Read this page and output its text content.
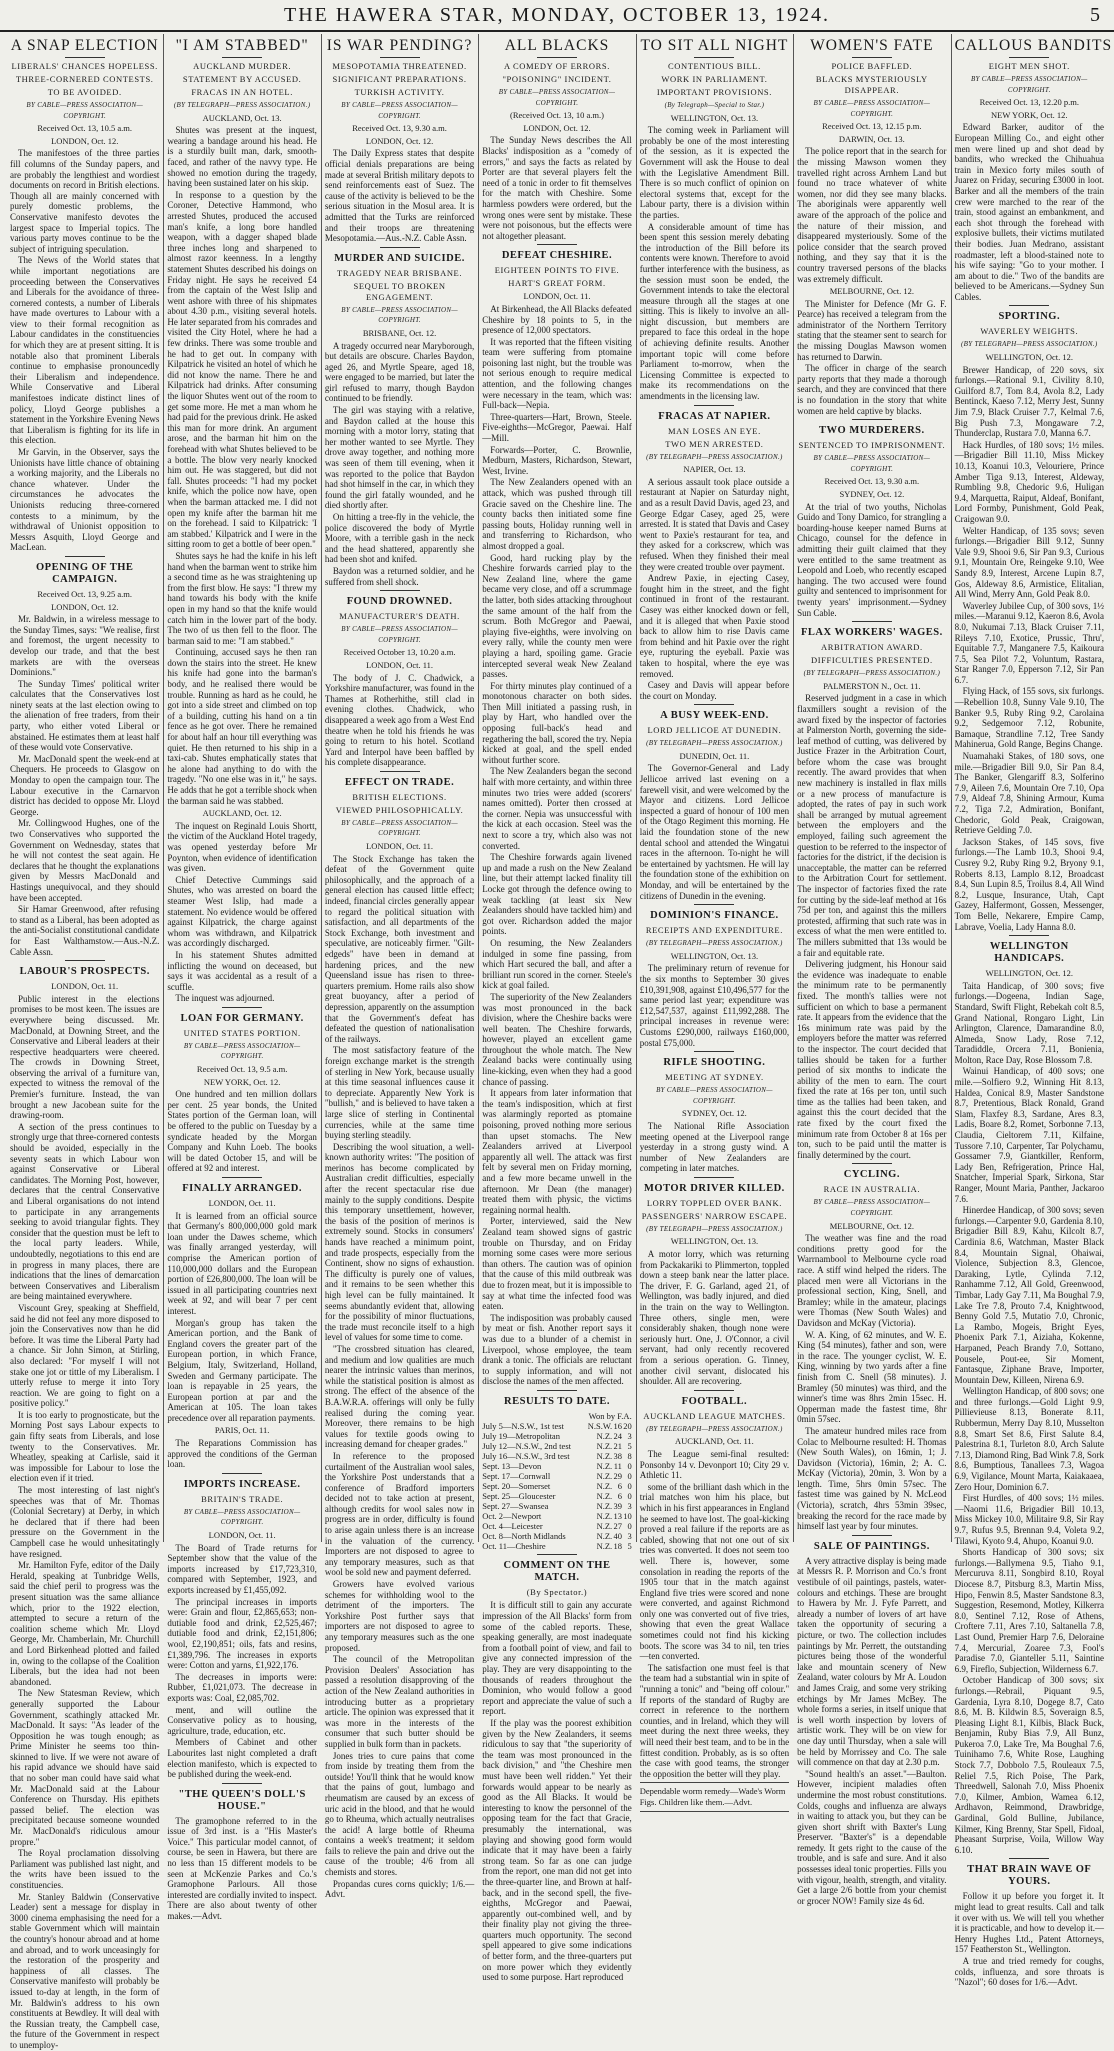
THE HAWERA STAR, MONDAY, OCTOBER 13, 1924.	5
A SNAP ELECTION
LIBERALS' CHANCES HOPELESS.
THREE-CORNERED CONTESTS.
TO BE AVOIDED.
BY CABLE—PRESS ASSOCIATION—COPYRIGHT.
Received Oct. 13, 10.5 a.m.
LONDON, Oct. 12.

The manifestoes of the three parties fill columns of the Sunday papers, and are probably the lengthiest and wordiest documents on record in British elections. Though all are mainly concerned with purely domestic problems, the Conservative manifesto devotes the largest space to Imperial topics. The various party moves continue to be the subject of intriguing speculation.

The News of the World states that while important negotiations are proceeding between the Conservatives and Liberals for the avoidance of three-cornered contests, a number of Liberals have made overtures to Labour with a view to their formal recognition as Labour candidates in the constituencies for which they are at present sitting. It is notable also that prominent Liberals continue to emphasise pronouncedly their Liberalism and independence. While Conservative and Liberal manifestoes indicate distinct lines of policy, Lloyd George publishes a statement in the Yorkshire Evening News that Liberalism is fighting for its life in this election.

Mr Garvin, in the Observer, says the Unionists have little chance of obtaining a working majority, and the Liberals no chance whatever. Under the circumstances he advocates the Unionists reducing three-cornered contests to a minimum, by the withdrawal of Unionist opposition to Messrs Asquith, Lloyd George and MacLean.

OPENING OF THE CAMPAIGN.
Received Oct. 13, 9.25 a.m.
LONDON, Oct. 12.

Mr. Baldwin, in a wireless message to the Sunday Times, says: "We realise, first and foremost, the urgent necessity to develop our trade, and that the best markets are with the overseas Dominions."

The Sunday Times' political writer calculates that the Conservatives lost ninety seats at the last election owing to the alienation of free traders, from their party, who either voted Liberal or abstained. He estimates them at least half of these would vote Conservative.

Mr. MacDonald spent the week-end at Chequers. He proceeds to Glasgow on Monday to open the campaign tour. The Labour executive in the Carnarvon district has decided to oppose Mr. Lloyd George.

Mr. Collingwood Hughes, one of the two Conservatives who supported the Government on Wednesday, states that he will not contest the seat again. He declares that he thought the explanations given by Messrs MacDonald and Hastings unequivocal, and they should have been accepted.

Sir Hamar Greenwood, after refusing to stand as a Liberal, has been adopted as the anti-Socialist constitutional candidate for East Walthamstow.—Aus.-N.Z. Cable Assn.

LABOUR'S PROSPECTS.
LONDON, Oct. 11.

Public interest in the elections promises to be most keen. The issues are everywhere being discussed. Mr. MacDonald, at Downing Street, and the Conservative and Liberal leaders at their respective headquarters were cheered. The crowds in Downing Street, observing the arrival of a furniture van, expected to witness the removal of the Premier's furniture. Instead, the van brought a new Jacobean suite for the drawing-room.

A section of the press continues to strongly urge that three-cornered contests should be avoided, especially in the seventy seats in which Labour won against Conservative or Liberal candidates. The Morning Post, however, declares that the central Conservative and Liberal organisations do not intend to participate in any arrangements seeking to avoid triangular fights. They consider that the question must be left to the local party leaders. While, undoubtedly, negotiations to this end are in progress in many places, there are indications that the lines of demarcation between Conservatives and Liberalism are being maintained everywhere.

Viscount Grey, speaking at Sheffield, said he did not feel any more disposed to join the Conservatives now than he did before. It was time the Liberal Party had a chance. Sir John Simon, at Stirling, also declared: "For myself I will not stake one jot or tittle of my Liberalism. I utterly refuse to merge it into Tory reaction. We are going to fight on a positive policy."

It is too early to prognosticate, but the Morning Post says Labour expects to gain fifty seats from Liberals, and lose twenty to the Conservatives. Mr. Wheatley, speaking at Carlisle, said it was impossible for Labour to lose the election even if it tried.

The most interesting of last night's speeches was that of Mr. Thomas (Colonial Secretary) at Derby, in which he declared that if there had been pressure on the Government in the Campbell case he would unhesitatingly have resigned.

Mr. Hamilton Fyfe, editor of the Daily Herald, speaking at Tunbridge Wells, said the chief peril to progress was the present situation was the same alliance which, prior to the 1922 election, attempted to secure a return of the coalition scheme which Mr. Lloyd George, Mr. Chamberlain, Mr. Churchill and Lord Birkenhead plotted and failed in, owing to the collapse of the Coalition Liberals, but the idea had not been abandoned.

The New Statesman Review, which generally supported the Labour Government, scathingly attacked Mr. MacDonald. It says: "As leader of the Opposition he was tough enough; as Prime Minister he seems too thin-skinned to live. If we were not aware of his rapid advance we should have said that no sober man could have said what Mr. MacDonald said at the Labour Conference on Thursday. His epithets passed belief. The election was precipitated because someone wounded Mr. MacDonald's ridiculous amour propre."

The Royal proclamation dissolving Parliament was published last night, and the writs have been issued to the constituencies.

Mr. Stanley Baldwin (Conservative Leader) sent a message for display in 3000 cinema emphasising the need for a stable Government which will maintain the country's honour abroad and at home and abroad, and to work unceasingly for the restoration of the prosperity and happiness of all classes. The Conservative manifesto will probably be issued to-day at length, in the form of Mr. Baldwin's address to his own constituents at Bewdley. It will deal with the Russian treaty, the Campbell case, the future of the Government in respect to unemploy-

"I AM STABBED"
AUCKLAND MURDER.
STATEMENT BY ACCUSED.
FRACAS IN AN HOTEL.
(BY TELEGRAPH—PRESS ASSOCIATION.)
AUCKLAND, Oct. 13.

Shutes was present at the inquest, wearing a bandage around his head. He is a sturdily built man, dark, smooth-faced, and rather of the navvy type. He showed no emotion during the tragedy, having been sustained later on his skip.

In response to a question by the Coroner, Detective Hammond, who arrested Shutes, produced the accused man's knife, a long bore handled weapon, with a dagger shaped blade three inches long and sharpened to almost razor keenness. In a lengthy statement Shutes described his doings on Friday night. He says he received £4 from the captain of the West Islip and went ashore with three of his shipmates about 4.30 p.m., visiting several hotels. He later separated from his comrades and visited the City Hotel, where he had a few drinks. There was some trouble and he had to get out. In company with Kilpatrick he visited an hotel of which he did not know the name. There he and Kilpatrick had drinks. After consuming the liquor Shutes went out of the room to get some more. He met a man whom he had paid for the previous drink. He asked this man for more drink. An argument arose, and the barman hit him on the forehead with what Shutes believed to be a bottle. The blow very nearly knocked him out. He was staggered, but did not fall. Shutes proceeds: "I had my pocket knife, which the police now have, open when the barman attacked me. I did not open my knife after the barman hit me on the forehead. I said to Kilpatrick: 'I am stabbed.' Kilpatrick and I were in the sitting room to get a bottle of beer open."

Shutes says he had the knife in his left hand when the barman went to strike him a second time as he was straightening up from the first blow. He says: "I threw my hand towards his body with the knife open in my hand so that the knife would catch him in the lower part of the body. The two of us then fell to the floor. The barman said to me: "I am stabbed."

Continuing, accused says he then ran down the stairs into the street. He knew his knife had gone into the barman's body, and he realised there would be trouble. Running as hard as he could, he got into a side street and climbed on top of a building, cutting his hand on a tin fence as he got over. There he remained for about half an hour till everything was quiet. He then returned to his ship in a taxi-cab. Shutes emphatically states that he alone had anything to do with the tragedy. "No one else was in it," he says. He adds that he got a terrible shock when the barman said he was stabbed.

AUCKLAND, Oct. 12.

The inquest on Reginald Louis Shortt, the victim of the Auckland Hotel tragedy, was opened yesterday before Mr Poynton, when evidence of identification was given.

Chief Detective Cummings said Shutes, who was arrested on board the steamer West Islip, had made a statement. No evidence would be offered against Kilpatrick, the charge against whom was withdrawn, and Kilpatrick was accordingly discharged.

In his statement Shutes admitted inflicting the wound on deceased, but says it was accidental as a result of a scuffle.

The inquest was adjourned.

LOAN FOR GERMANY.
UNITED STATES PORTION.
BY CABLE—PRESS ASSOCIATION—COPYRIGHT.
Received Oct. 13, 9.5 a.m.
NEW YORK, Oct. 12.

One hundred and ten million dollars per cent. 25 year bonds, the United States portion of the German loan, will be offered to the public on Tuesday by a syndicate headed by the Morgan Company and Kuhn Loeb. The books will be dated October 15, and will be offered at 92 and interest.

FINALLY ARRANGED.
LONDON, Oct. 11.

It is learned from an official source that Germany's 800,000,000 gold mark loan under the Dawes scheme, which was finally arranged yesterday, will comprise the American portion of 110,000,000 dollars and the European portion of £26,800,000. The loan will be issued in all participating countries next week at 92, and will bear 7 per cent interest.

Morgan's group has taken the American portion, and the Bank of England covers the greater part of the European portion, in which France, Belgium, Italy, Switzerland, Holland, Sweden and Germany participate. The loan is repayable in 25 years, the European portion at par and the American at 105. The loan takes precedence over all reparation payments.

PARIS, Oct. 11.

The Reparations Commission has approved the conditions of the German loan.

IMPORTS INCREASE.
BRITAIN'S TRADE.
BY CABLE—PRESS ASSOCIATION—COPYRIGHT.
LONDON, Oct. 11.

The Board of Trade returns for September show that the value of the imports increased by £17,723,310, compared with September, 1923, and exports increased by £1,455,092.

The principal increases in imports were: Grain and flour, £2,865,653; non-dutiable food and drink, £2,525,467; dutiable food and drink, £2,151,806; wool, £2,190,851; oils, fats and resins, £1,389,796. The increases in exports were: Cotton and yarns, £1,922,176.

The decreases in imports were: Rubber, £1,021,073. The decrease in exports was: Coal, £2,085,702.

ment, and will outline the Conservative policy as to housing, agriculture, trade, education, etc.

Members of Cabinet and other Labourites last night completed a draft election manifesto, which is expected to be published during the week-end.

"THE QUEEN'S DOLL'S HOUSE."

The gramophone referred to in the issue of 3rd inst. is a "His Master's Voice." This particular model cannot, of course, be seen in Hawera, but there are no less than 15 different models to be seen at McKenzie Parkes and Co.'s Gramophone Parlours. All those interested are cordially invited to inspect. There are also about twenty of other makes.—Advt.

IS WAR PENDING?
MESOPOTAMIA THREATENED.
SIGNIFICANT PREPARATIONS.
TURKISH ACTIVITY.
BY CABLE—PRESS ASSOCIATION—COPYRIGHT.
Received Oct. 13, 9.30 a.m.
LONDON, Oct. 12.

The Daily Express states that despite official denials preparations are being made at several British military depots to send reinforcements east of Suez. The cause of the activity is believed to be the serious situation in the Mosul area. It is admitted that the Turks are reinforced and their troops are threatening Mesopotamia.—Aus.-N.Z. Cable Assn.

MURDER AND SUICIDE.
TRAGEDY NEAR BRISBANE.
SEQUEL TO BROKEN ENGAGEMENT.
BY CABLE—PRESS ASSOCIATION—COPYRIGHT.
BRISBANE, Oct. 12.

A tragedy occurred near Maryborough, but details are obscure. Charles Baydon, aged 26, and Myrtle Speare, aged 18, were engaged to be married, but later the girl refused to marry, though Baydon continued to be friendly.

The girl was staying with a relative, and Baydon called at the house this morning with a motor lorry, stating that her mother wanted to see Myrtle. They drove away together, and nothing more was seen of them till evening, when it was reported to the police that Baydon had shot himself in the car, in which they found the girl fatally wounded, and he died shortly after.

On hitting a tree-fly in the vehicle, the police discovered the body of Myrtle Moore, with a terrible gash in the neck and the head shattered, apparently she had been shot and knifed.

Baydon was a returned soldier, and he suffered from shell shock.

FOUND DROWNED.
MANUFACTURER'S DEATH.
BY CABLE—PRESS ASSOCIATION—COPYRIGHT.
Received October 13, 10.20 a.m.
LONDON, Oct. 11.

The body of J. C. Chadwick, a Yorkshire manufacturer, was found in the Thames at Rotherhithe, still clad in evening clothes. Chadwick, who disappeared a week ago from a West End theatre when he told his friends he was going to return to his hotel. Scotland Yard and Interpol have been baffled by his complete disappearance.

EFFECT ON TRADE.
BRITISH ELECTIONS.
VIEWED PHILOSOPHICALLY.
BY CABLE—PRESS ASSOCIATION—COPYRIGHT.
LONDON, Oct. 11.

The Stock Exchange has taken the defeat of the Government quite philosophically, and the approach of a general election has caused little effect; indeed, financial circles generally appear to regard the political situation with satisfaction, and all departments of the Stock Exchange, both investment and speculative, are noticeably firmer. "Gilt-edgeds" have been in demand at hardening prices, and the new Queensland issue has risen to three-quarters premium. Home rails also show great buoyancy, after a period of depression, apparently on the assumption that the Government's defeat has defeated the question of nationalisation of the railways.

The most satisfactory feature of the foreign exchange market is the strength of sterling in New York, because usually at this time seasonal influences cause it to depreciate. Apparently New York is "bullish," and is believed to have taken a large slice of sterling in Continental currencies, while at the same time buying sterling steadily.

Describing the wool situation, a well-known authority writes: "The position of merinos has become complicated by Australian credit difficulties, especially after the recent spectacular rise due mainly to the supply conditions. Despite this temporary unsettlement, however, the basis of the position of merinos is extremely sound. Stocks in consumers' hands have reached a minimum point, and trade prospects, especially from the Continent, show no signs of exhaustion. The difficulty is purely one of values, and it remains to be seen whether this high level can be fully maintained. It seems abundantly evident that, allowing for the possibility of minor fluctuations, the trade must reconcile itself to a high level of values for some time to come.

"The crossbred situation has cleared, and medium and low qualities are much nearer the intrinsic values than merinos, while the statistical position is almost as strong. The effect of the absence of the B.A.W.R.A. offerings will only be fully realised during the coming year. Moreover, there remains to be high values for textile goods owing to increasing demand for cheaper grades."

In reference to the proposed curtailment of the Australian wool sales, the Yorkshire Post understands that a conference of Bradford importers decided not to take action at present, although credits for wool sales now in progress are in order, difficulty is found to arise again unless there is an increase in the valuation of the currency. Importers are not disposed to agree to any temporary measures, such as that wool be sold new and payment deferred.

Growers have evolved various schemes for withholding wool to the detriment of the importers. The Yorkshire Post further says that importers are not disposed to agree to any temporary measures such as the one proposed.

The council of the Metropolitan Provision Dealers' Association has passed a resolution disapproving of the action of the New Zealand authorities in introducing butter as a proprietary article. The opinion was expressed that it was more in the interests of the consumer that such butter should be supplied in bulk form than in packets.

Jones tries to cure pains that come from inside by treating them from the outside! You'll think that he would know that the pains of gout, lumbago and rheumatism are caused by an excess of uric acid in the blood, and that he would go to Rheuma, which actually neutralises the acid! A large bottle of Rheuma contains a week's treatment; it seldom fails to relieve the pain and drive out the cause of the trouble; 4/6 from all chemists and stores.

Propandas cures corns quickly; 1/6.—Advt.

ALL BLACKS
A COMEDY OF ERRORS.
"POISONING" INCIDENT.
BY CABLE—PRESS ASSOCIATION—COPYRIGHT.
(Received Oct. 13, 10 a.m.)
LONDON, Oct. 12.

The Sunday News describes the All Blacks' indisposition as a "comedy of errors," and says the facts as related by Porter are that several players felt the need of a tonic in order to fit themselves for the match with Cheshire. Some harmless powders were ordered, but the wrong ones were sent by mistake. These were not poisonous, but the effects were not altogether pleasant.

DEFEAT CHESHIRE.
EIGHTEEN POINTS TO FIVE.
HART'S GREAT FORM.
LONDON, Oct. 11.

At Birkenhead, the All Blacks defeated Cheshire by 18 points to 5, in the presence of 12,000 spectators.

It was reported that the fifteen visiting team were suffering from ptomaine poisoning last night, but the trouble was not serious enough to require medical attention, and the following changes were necessary in the team, which was: Full-back—Nepia.

Three-quarters—Hart, Brown, Steele. Five-eighths—McGregor, Paewai. Half—Mill.

Forwards—Porter, C. Brownlie, Medburn, Masters, Richardson, Stewart, West, Irvine.

The New Zealanders opened with an attack, which was pushed through till Gracie saved on the Cheshire line. The county backs then initiated some fine passing bouts, Holiday running well in and transferring to Richardson, who almost dropped a goal.

Good, hard rucking play by the Cheshire forwards carried play to the New Zealand line, where the game became very close, and off a scrummage the latter, both sides attacking throughout the same amount of the half from the scrum. Both McGregor and Paewai, playing five-eighths, were involving on every rally, while the county men were playing a hard, spoiling game. Gracie intercepted several weak New Zealand passes.

For thirty minutes play continued of a monotonous character on both sides. Then Mill initiated a passing rush, in play by Hart, who handled over the opposing full-back's head and regathering the ball, scored the try. Nepia kicked at goal, and the spell ended without further score.

The New Zealanders began the second half with more certainty, and within three minutes two tries were added (scorers' names omitted). Porter then crossed at the corner. Nepia was unsuccessful with the kick at each occasion. Steel was the next to score a try, which also was not converted.

The Cheshire forwards again livened up and made a rush on the New Zealand line, but their attempt lacked finality till Locke got through the defence owing to weak tackling (at least six New Zealanders should have tackled him) and got over. Richardson added the major points.

On resuming, the New Zealanders indulged in some fine passing, from which Hart secured the ball, and after a brilliant run scored in the corner. Steele's kick at goal failed.

The superiority of the New Zealanders was most pronounced in the back division, where the Cheshire backs were well beaten. The Cheshire forwards, however, played an excellent game throughout the whole match. The New Zealand backs were continually using line-kicking, even when they had a good chance of passing.

It appears from later information that the team's indisposition, which at first was alarmingly reported as ptomaine poisoning, proved nothing more serious than upset stomachs. The New Zealanders arrived at Liverpool apparently all well. The attack was first felt by several men on Friday morning, and a few more became unwell in the afternoon. Mr Dean (the manager) treated them with physic, the victims regaining normal health.

Porter, interviewed, said the New Zealand team showed signs of gastric trouble on Thursday, and on Friday morning some cases were more serious than others. The caution was of opinion that the cause of this mild outbreak was due to frozen meat, but it is impossible to say at what time the infected food was eaten.

The indisposition was probably caused by meat or fish. Another report says it was due to a blunder of a chemist in Liverpool, whose employee, the team drank a tonic. The officials are reluctant to supply information, and will not disclose the names of the men affected.

RESULTS TO DATE.
Won by F.A.
July 5—N.S.W., 1st test	N.S.W.	16	20
July 19—Metropolitan	N.Z.	24	3
July 12—N.S.W., 2nd test	N.Z.	21	5
July 16—N.S.W., 3rd test	N.Z.	38	8
Sept. 13—Devon	N.Z.	11	0
Sept. 17—Cornwall	N.Z.	29	0
Sept. 20—Somerset	N.Z.	6	0
Sept. 25—Gloucester	N.Z.	6	0
Sept. 27—Swansea	N.Z.	39	3
Oct. 2—Newport	N.Z.	13	10
Oct. 4—Leicester	N.Z.	27	0
Oct. 8—North Midlands	N.Z.	40	3
Oct. 11—Cheshire	N.Z.	18	5
COMMENT ON THE MATCH.
(By Spectator.)

It is difficult still to gain any accurate impression of the All Blacks' form from some of the cabled reports. These, speaking generally, are most inadequate from a football point of view, and fail to give any connected impression of the play. They are very disappointing to the thousands of readers throughout the Dominion, who would follow a good report and appreciate the value of such a report.

If the play was the poorest exhibition given by the New Zealanders, it seems ridiculous to say that "the superiority of the team was most pronounced in the back division," and "the Cheshire men must have been well ridden." Yet their forwards would appear to be nearly as good as the All Blacks. It would be interesting to know the personnel of the opposing team for the fact that Gracie, presumably the international, was playing and showing good form would indicate that it may have been a fairly strong team. So far as one can judge from the report, one man did not get into the three-quarter line, and Brown at half-back, and in the second spell, the five-eighths, McGregor and Paewai, apparently out-combined well, and by their finality play not giving the three-quarters much opportunity. The second spell appeared to give some indications of better form, and the three-quarters put on more power which they evidently used to some purpose. Hart reproduced

TO SIT ALL NIGHT
CONTENTIOUS BILL.
WORK IN PARLIAMENT.
IMPORTANT PROVISIONS.
(By Telegraph—Special to Star.)
WELLINGTON, Oct. 13.

The coming week in Parliament will probably be one of the most interesting of the session, as it is expected the Government will ask the House to deal with the Legislative Amendment Bill. There is so much conflict of opinion on electoral systems that, except for the Labour party, there is a division within the parties.

A considerable amount of time has been spent this session merely debating the introduction of the Bill before its contents were known. Therefore to avoid further interference with the business, as the session must soon be ended, the Government intends to take the electoral measure through all the stages at one sitting. This is likely to involve an all-night discussion, but members are prepared to face this ordeal in the hope of achieving definite results. Another important topic will come before Parliament to-morrow, when the Licensing Committee is expected to make its recommendations on the amendments in the licensing law.

FRACAS AT NAPIER.
MAN LOSES AN EYE.
TWO MEN ARRESTED.
(BY TELEGRAPH—PRESS ASSOCIATION.)
NAPIER, Oct. 13.

A serious assault took place outside a restaurant at Napier on Saturday night, and as a result David Davis, aged 23, and George Edgar Casey, aged 25, were arrested. It is stated that Davis and Casey went to Paxie's restaurant for tea, and they asked for a corkscrew, which was refused. When they finished their meal they were created trouble over payment.

Andrew Paxie, in ejecting Casey, fought him in the street, and the fight continued in front of the restaurant. Casey was either knocked down or fell, and it is alleged that when Paxie stood back to allow him to rise Davis came from behind and hit Paxie over the right eye, rupturing the eyeball. Paxie was taken to hospital, where the eye was removed.

Casey and Davis will appear before the court on Monday.

A BUSY WEEK-END.
LORD JELLICOE AT DUNEDIN.
(BY TELEGRAPH—PRESS ASSOCIATION.)
DUNEDIN, Oct. 11.

The Governor-General and Lady Jellicoe arrived last evening on a farewell visit, and were welcomed by the Mayor and citizens. Lord Jellicoe inspected a guard of honour of 100 men of the Otago Regiment this morning. He laid the foundation stone of the new dental school and attended the Wingatui races in the afternoon. To-night he will be entertained by yachtsmen. He will lay the foundation stone of the exhibition on Monday, and will be entertained by the citizens of Dunedin in the evening.

DOMINION'S FINANCE.
RECEIPTS AND EXPENDITURE.
(BY TELEGRAPH—PRESS ASSOCIATION.)
WELLINGTON, Oct. 13.

The preliminary return of revenue for the six months to September 30 gives £10,391,908, against £10,496,577 for the same period last year; expenditure was £12,547,537, against £11,992,288. The principal increases in revenue were: Customs £290,000, railways £160,000, postal £75,000.

RIFLE SHOOTING.
MEETING AT SYDNEY.
BY CABLE—PRESS ASSOCIATION—COPYRIGHT.
SYDNEY, Oct. 12.

The National Rifle Association meeting opened at the Liverpool range yesterday in a strong gusty wind. A number of New Zealanders are competing in later matches.

MOTOR DRIVER KILLED.
LORRY TOPPLED OVER BANK.
PASSENGERS' NARROW ESCAPE.
(BY TELEGRAPH—PRESS ASSOCIATION.)
WELLINGTON, Oct. 13.

A motor lorry, which was returning from Packakariki to Plimmerton, toppled down a steep bank near the latter place. The driver, F. G. Garland, aged 21, of Wellington, was badly injured, and died in the train on the way to Wellington. Three others, single men, were considerably shaken, though none were seriously hurt. One, J. O'Connor, a civil servant, had only recently recovered from a serious operation. G. Tinney, another civil servant, dislocated his shoulder. All are recovering.

FOOTBALL.
AUCKLAND LEAGUE MATCHES.
(BY TELEGRAPH—PRESS ASSOCIATION.)
AUCKLAND, Oct. 11.

The League semi-final resulted: Ponsonby 14 v. Devonport 10; City 29 v. Athletic 11.

some of the brilliant dash which in the trial matches won him his place, but which in his first appearances in England he seemed to have lost. The goal-kicking proved a real failure if the reports are as cabled, showing that not one out of six tries was converted. It does not seem too well. There is, however, some consolation in reading the reports of the 1905 tour that in the match against England five tries were scored and none were converted, and against Richmond only one was converted out of five tries, showing that even the great Wallace sometimes could not find his kicking boots. The score was 34 to nil, ten tries—ten converted.

The satisfaction one must feel is that the team had a substantial win in spite of "running a tonic" and "being off colour." If reports of the standard of Rugby are correct in reference to the northern counties, and in Ireland, which they will meet during the next three weeks, they will need their best team, and to be in the fittest condition. Probably, as is so often the case with good teams, the stronger the opposition the better will they play.

Dependable worm remedy—Wade's Worm Figs. Children like them.—Advt.
WOMEN'S FATE
POLICE BAFFLED.
BLACKS MYSTERIOUSLY DISAPPEAR.
BY CABLE—PRESS ASSOCIATION—COPYRIGHT.
Received Oct. 13, 12.15 p.m.
DARWIN, Oct. 13.

The police report that in the search for the missing Mawson women they travelled right across Arnhem Land but found no trace whatever of white women, nor did they see many blacks. The aboriginals were apparently well aware of the approach of the police and the nature of their mission, and disappeared mysteriously. Some of the police consider that the search proved nothing, and they say that it is the country traversed persons of the blacks was extremely difficult.

MELBOURNE, Oct. 12.

The Minister for Defence (Mr G. F. Pearce) has received a telegram from the administrator of the Northern Territory stating that the steamer sent to search for the missing Douglas Mawson women has returned to Darwin.

The officer in charge of the search party reports that they made a thorough search, and they are convinced that there is no foundation in the story that white women are held captive by blacks.

TWO MURDERERS.
SENTENCED TO IMPRISONMENT.
BY CABLE—PRESS ASSOCIATION—COPYRIGHT.
Received Oct. 13, 9.30 a.m.
SYDNEY, Oct. 12.

At the trial of two youths, Nicholas Guido and Tony Damico, for strangling a boarding-house keeper named Burns at Chicago, counsel for the defence in admitting their guilt claimed that they were entitled to the same treatment as Leopold and Loeb, who recently escaped hanging. The two accused were found guilty and sentenced to imprisonment for twenty years' imprisonment.—Sydney Sun Cable.

FLAX WORKERS' WAGES.
ARBITRATION AWARD.
DIFFICULTIES PRESENTED.
(BY TELEGRAPH—PRESS ASSOCIATION.)
PALMERSTON N., Oct. 11.

Reserved judgment in a case in which flaxmillers sought a revision of the award fixed by the inspector of factories at Palmerston North, governing the side-leaf method of cutting, was delivered by Justice Frazer in the Arbitration Court, before whom the case was brought recently. The award provides that when new machinery is installed in flax mills or a new process of manufacture is adopted, the rates of pay in such work shall be arranged by mutual agreement between the employers and the employed, failing such agreement the question to be referred to the inspector of factories for the district, if the decision is unacceptable, the matter can be referred to the Arbitration Court for settlement. The inspector of factories fixed the rate for cutting by the side-leaf method at 16s 75d per ton, and against this the millers protested, affirming that such rate was in excess of what the men were entitled to. The millers submitted that 13s would be a fair and equitable rate.

Delivering judgment, his Honour said the evidence was inadequate to enable the minimum rate to be permanently fixed. The month's tallies were not sufficient on which to base a permanent rate. It appears from the evidence that the 16s minimum rate was paid by the employers before the matter was referred to the inspector. The court decided that tallies should be taken for a further period of six months to indicate the ability of the men to earn. The court fixed the rate at 16s per ton, until such time as the tallies had been taken, and against this the court decided that the rate fixed by the court fixed the minimum rate from October 8 at 16s per ton, such to be paid until the matter is finally determined by the court.

CYCLING.
RACE IN AUSTRALIA.
BY CABLE—PRESS ASSOCIATION—COPYRIGHT.
MELBOURNE, Oct. 12.

The weather was fine and the road conditions pretty good for the Warrnambool to Melbourne cycle road race. A stiff wind helped the riders. The placed men were all Victorians in the professional section, King, Snell, and Bramley; while in the amateur, placings were Thomas (New South Wales) and Davidson and McKay (Victoria).

W. A. King, of 62 minutes, and W. E. King (54 minutes), father and son, were in the race. The younger cyclist, W. E. King, winning by two yards after a fine finish from C. Snell (58 minutes). J. Bramley (50 minutes) was third, and the winner's time was 8hrs 2min 15sec. H. Opperman made the fastest time, 8hr 0min 57sec.

The amateur hundred miles race from Colac to Melbourne resulted: H. Thomas (New South Wales), on 16min, 1; J. Davidson (Victoria), 16min, 2; A. C. McKay (Victoria), 20min, 3. Won by a length. Time, 5hrs 0min 57sec. The fastest time was gained by N. McLeod (Victoria), scratch, 4hrs 53min 39sec, breaking the record for the race made by himself last year by four minutes.

SALE OF PAINTINGS.

A very attractive display is being made at Messrs R. P. Morrison and Co.'s front vestibule of oil paintings, pastels, water-colours and etchings. These are brought to Hawera by Mr. J. Fyfe Parrett, and already a number of lovers of art have taken the opportunity of securing a picture, or two. The collection includes paintings by Mr. Perrett, the outstanding pictures being those of the wonderful lake and mountain scenery of New Zealand, water colours by Mr A. Loudon and James Craig, and some very striking etchings by Mr James McBey. The whole forms a series, in itself unique that is well worth inspection by lovers of artistic work. They will be on view for one day until Thursday, when a sale will be held by Morrissey and Co. The sale will commence on that day at 2.30 p.m.

"Sound health's an asset."—Baulton. However, incipient maladies often undermine the most robust constitutions. Colds, coughs and influenza are always in waiting to attack you, but they can be given short shrift with Baxter's Lung Preserver. "Baxter's" is a dependable remedy. It gets right to the cause of the trouble, and is safe and sure. And it also possesses ideal tonic properties. Fills you with vigour, health, strength, and vitality. Get a large 2/6 bottle from your chemist or grocer NOW! Family size 4s 6d.

CALLOUS BANDITS
EIGHT MEN SHOT.
BY CABLE—PRESS ASSOCIATION—COPYRIGHT.
Received Oct. 13, 12.20 p.m.
NEW YORK, Oct. 12.

Edward Barker, auditor of the European Milling Co., and eight other men were lined up and shot dead by bandits, who wrecked the Chihuahua train in Mexico forty miles south of Juarez on Friday, securing £3000 in loot. Barker and all the members of the train crew were marched to the rear of the train, stood against an embankment, and each shot through the forehead with explosive bullets, their victims mutilated their bodies. Juan Medrano, assistant roadmaster, left a blood-stained note to his wife saying: "Go to your mother. I am about to die." Two of the bandits are believed to be Americans.—Sydney Sun Cables.

SPORTING.
WAVERLEY WEIGHTS.
(BY TELEGRAPH—PRESS ASSOCIATION.)
WELLINGTON, Oct. 12.

Brewer Handicap, of 220 sovs, six furlongs.—Rational 9.1, Civility 8.10, Guilford 8.7, Tom 8.4, Avola 8.2, Lady Bentinck, Kaeso 7.12, Merry Jest, Sunny Jim 7.9, Black Cruiser 7.7, Kelmal 7.6, Big Push 7.3, Mongaware 7.2, Thunderclap, Rustara 7.0, Manna 6.7.

Hack Hurdles, of 180 sovs; 1½ miles.—Brigadier Bill 11.10, Miss Mickey 10.13, Koanui 10.3, Velouriere, Prince Amber Tiga 9.13, Interest, Aldeway, Rumbling 9.8, Chedoric 9.6, Huligan 9.4, Marquetta, Raiput, Aldeaf, Bonifant, Lord Formby, Punishment, Gold Peak, Craigowan 9.0.

Welter Handicap, of 135 sovs; seven furlongs.—Brigadier Bill 9.12, Sunny Vale 9.9, Shooi 9.6, Sir Pan 9.3, Curious 9.1, Mountain Ore, Reingeke 9.10, Wee Sandy 8.9, Interest, Arcene Lupin 8.7, Gos, Aldeway 8.6, Armistice, Elitalian, All Wind, Merry Ann, Gold Peak 8.0.

Waverley Jubilee Cup, of 300 sovs, 1½ miles.—Maranui 9.12, Kaeron 8.6, Avola 8.0, Nukumai 7.13, Black Cruiser 7.11, Rileys 7.10, Exotice, Prussic, Thru', Equitable 7.7, Manganere 7.5, Kaikoura 7.5, Sea Pilot 7.2, Voluntum, Rastara, Star Ranger 7.0, Epperson 7.12, Sir Pan 6.7.

Flying Hack, of 155 sovs, six furlongs.—Rebellion 10.8, Sunny Vale 9.10, The Banker 9.5, Ruby Ring 9.2, Carolaina 9.2, Sedgemoor 7.12, Robunite, Bamaque, Strandline 7.12, Tree Sandy Mahinerua, Gold Range, Begins Change.

Nuamahaki Stakes, of 180 sovs, one mile.—Brigadier Bill 9.0, Sir Pan 8.4, The Banker, Glengariff 8.3, Solferino 7.9, Aileen 7.6, Mountain Ore 7.10, Opa 7.9, Aldeaf 7.8, Shining Armour, Kuma 7.2, Tiga 7.2, Admiration, Bonifant, Chedoric, Gold Peak, Craigowan, Retrieve Gelding 7.0.

Jackson Stakes, of 145 sovs, five furlongs.—The Lamb 10.3, Shooi 9.4, Cusrey 9.2, Ruby Ring 9.2, Bryony 9.1, Roberts 8.13, Lamplo 8.12, Broadcast 8.4, Sun Lupin 8.5, Troilus 8.4, All Wind 8.2, Lusque, Insurance, Utah, Capt Gazey, Halfermont, Gossen, Messenger, Tom Belle, Nekarere, Empire Camp, Labrave, Voelia, Lady Hanna 8.0.

WELLINGTON HANDICAPS.
WELLINGTON, Oct. 12.

Taita Handicap, of 300 sovs; five furlongs.—Dogeena, Indian Sage, Standard, Swift Flight, Rebekah colt 8.5, Grand National, Rongaro Light, Lin Arlington, Clarence, Damarandine 8.0, Almeda, Snow Lady, Rose 7.12, Taradiddle, Orcera 7.11, Bonienia, Molton, Race Day, Rose Blossom 7.8.

Wainui Handicap, of 400 sovs; one mile.—Solfiero 9.2, Winning Hit 8.13, Haldea, Conical 8.9, Master Sandstone 8.7, Pretentious, Black Ronald, Grand Slam, Flaxfey 8.3, Sardane, Ares 8.3, Ladis, Boare 8.2, Romet, Sorbonne 7.13, Claudia, Cieltorem 7.11, Kilfaine, Tussore 7.10, Carpenter, Tar Polychamu, Gossamer 7.9, Giantkiller, Renform, Lady Ben, Refrigeration, Prince Hal, Snatcher, Imperial Spark, Sirkona, Star Ranger, Mount Maria, Panther, Jackaroo 7.6.

Hinerdee Handicap, of 300 sovs; seven furlongs.—Carpenter 9.0, Gardenia 8.10, Brigadier Bill 8.9, Kahu, Kilcolt 8.7, Cardinia 8.6, Watchman, Master Black 8.4, Mountain Signal, Ohaiwai, Violence, Subjection 8.3, Glencoe, Daraking, Lytle, Cylinda 7.12, Ranhamme 7.12, All Gold, Greenwood, Timbar, Lady Gay 7.11, Ma Boughal 7.9, Lake Tre 7.8, Prouto 7.4, Knightwood, Benny Gold 7.5, Mutatio 7.0, Chronic, La Rambo, Mogeis, Bright Eyes, Phoenix Park 7.1, Aiziaha, Kokenne, Harpaned, Peach Brandy 7.0, Sottano, Pousele, Pout-ee, Sir Moment, Fantasque, Ziphane Brave, Importer, Mountain Dew, Killeen, Nirena 6.9.

Wellington Handicap, of 800 sovs; one and three furlongs.—Gold Light 9.9, Pillievieuse 8.13, Bonerate 8.11, Rubbermun, Merry Day 8.10, Musselton 8.8, Smart Set 8.6, First Salute 8.4, Palestrina 8.1, Turleton 8.0, Arch Salute 7.13, Diamond Ring, Bad Wink 7.8, Sork 8.6, Bumptious, Tanallees 7.3, Wagoa 6.9, Vigilance, Mount Marta, Kaiakaaea, Zero Hour, Dominion 6.7.

First Hurdles, of 400 sovs; 1½ miles.—Naomi 11.6, Brigadier Bill 10.13, Miss Mickey 10.0, Militaire 9.8, Sir Ray 9.7, Rufus 9.5, Brennan 9.4, Voleta 9.2, Tilawi, Kyoto 9.4, Ahupo, Koanui 9.0.

Shorts Handicap of 300 sovs; six furlongs.—Ballymena 9.5, Tiaho 9.1, Mercuruva 8.11, Songbird 8.10, Royal Diocese 8.7, Pitsburg 8.3, Martin Miss, Hipo, Fenwin 8.5, Master Sandstone 8.3, Suggestion, Resemond, Motley, Kilkerra 8.0, Sentinel 7.12, Rose of Athens, Croftere 7.11, Ares 7.10, Saltanella 7.8, Last Ound, Premier Harp 7.6, Deloraine 7.4, Mercurial, Zoaree 7.3, Fool's Paradise 7.0, Gianteller 5.11, Saintine 6.9, Fireflo, Subjection, Wilderness 6.7.

October Handicap of 300 sovs; six furlongs.—Rebrail, Piquant 9.5, Gardenia, Lyra 8.10, Dogege 8.7, Cato 8.6, M. B. Kildwin 8.5, Soveraign 8.5, Pleasing Light 8.1, Kilbis, Black Buck, Benjamin, Ruby Bias 7.9, All Bunz, Pukeroa 7.0, Lake Tre, Ma Boughal 7.6, Tuinihamo 7.6, White Rose, Laughing Stock 7.7, Dobbolo 7.5, Rouleaux 7.5, Reliel 7.5, Rich Poise, The Park, Threedwell, Salonah 7.0, Miss Phoenix 7.0, Kilmer, Ambion, Wamea 6.12, Ardhavon, Reimmond, Drawbridge, Gardinal, Gold Bulline, Jubilance, Kilmer, King Brenny, Star Spell, Fidoal, Pheasant Surprise, Voila, Willow Way 6.10.

THAT BRAIN WAVE OF YOURS.

Follow it up before you forget it. It might lead to great results. Call and talk it over with us. We will tell you whether it is practicable, and how to develop it.—Henry Hughes Ltd., Patent Attorneys, 157 Featherston St., Wellington.

A true and tried remedy for coughs, colds, influenza, and sore throats is "Nazol"; 60 doses for 1/6.—Advt.
